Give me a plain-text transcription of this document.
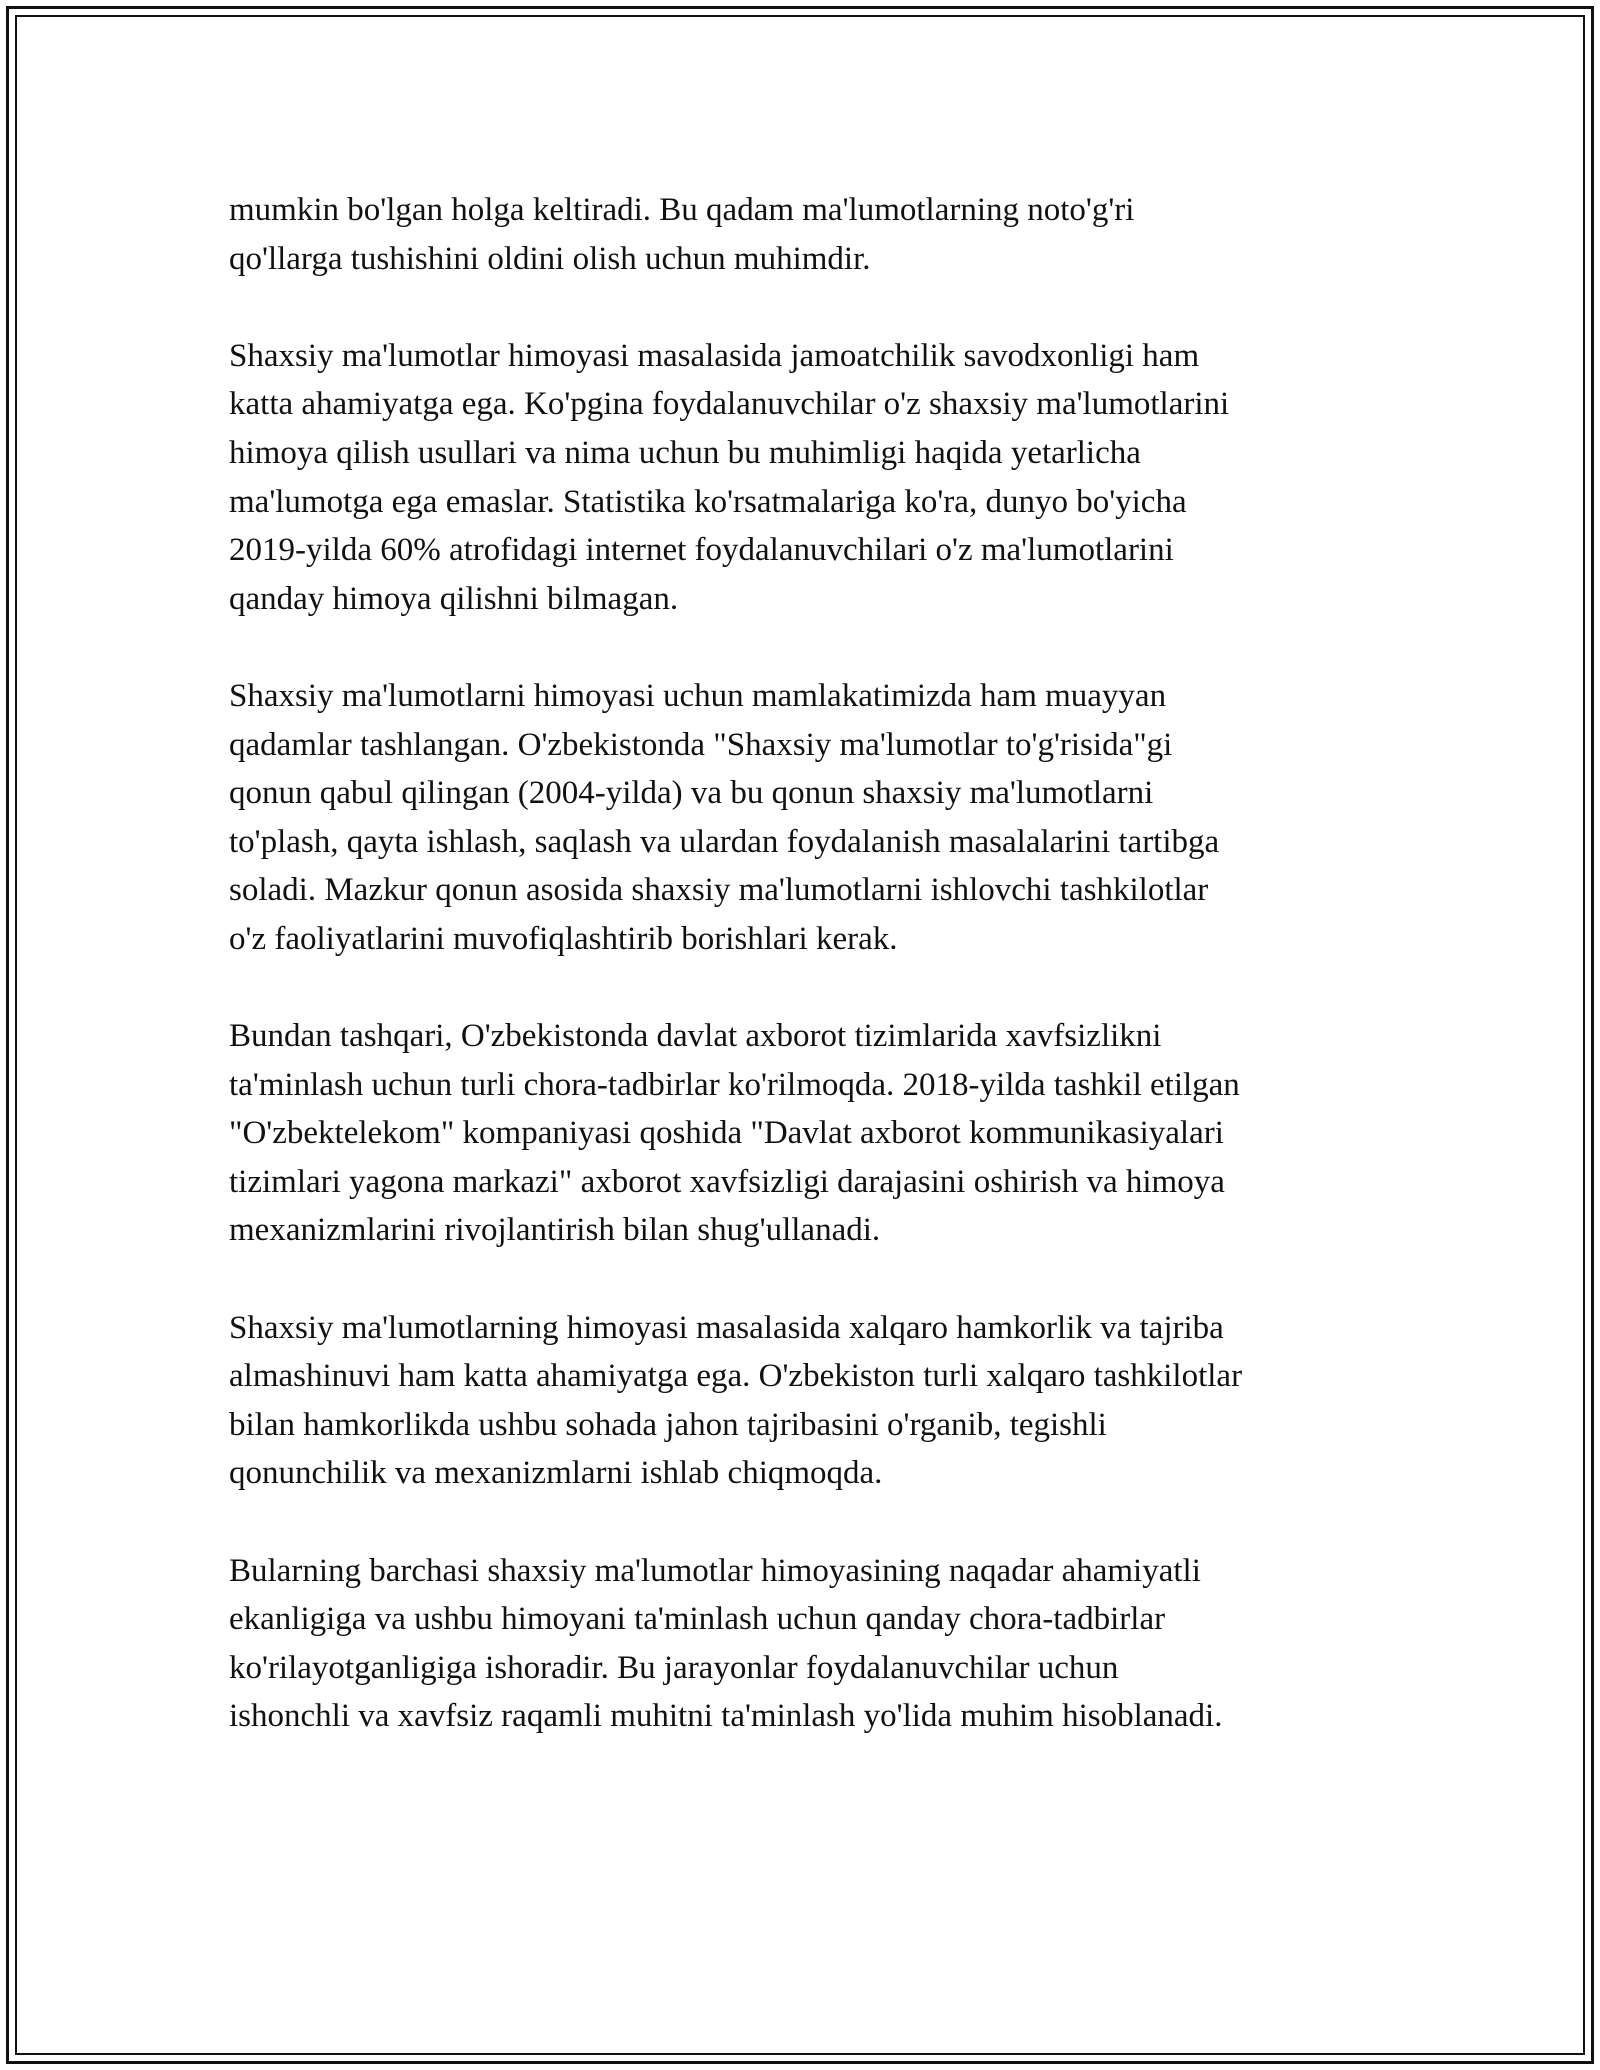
mumkin bo'lgan holga keltiradi. Bu qadam ma'lumotlarning noto'g'ri
qo'llarga tushishini oldini olish uchun muhimdir.
Shaxsiy ma'lumotlar himoyasi masalasida jamoatchilik savodxonligi ham
katta ahamiyatga ega. Ko'pgina foydalanuvchilar o'z shaxsiy ma'lumotlarini
himoya qilish usullari va nima uchun bu muhimligi haqida yetarlicha
ma'lumotga ega emaslar. Statistika ko'rsatmalariga ko'ra, dunyo bo'yicha
2019-yilda 60% atrofidagi internet foydalanuvchilari o'z ma'lumotlarini
qanday himoya qilishni bilmagan.
Shaxsiy ma'lumotlarni himoyasi uchun mamlakatimizda ham muayyan
qadamlar tashlangan. O'zbekistonda "Shaxsiy ma'lumotlar to'g'risida"gi
qonun qabul qilingan (2004-yilda) va bu qonun shaxsiy ma'lumotlarni
to'plash, qayta ishlash, saqlash va ulardan foydalanish masalalarini tartibga
soladi. Mazkur qonun asosida shaxsiy ma'lumotlarni ishlovchi tashkilotlar
o'z faoliyatlarini muvofiqlashtirib borishlari kerak.
Bundan tashqari, O'zbekistonda davlat axborot tizimlarida xavfsizlikni
ta'minlash uchun turli chora-tadbirlar ko'rilmoqda. 2018-yilda tashkil etilgan
"O'zbektelekom" kompaniyasi qoshida "Davlat axborot kommunikasiyalari
tizimlari yagona markazi" axborot xavfsizligi darajasini oshirish va himoya
mexanizmlarini rivojlantirish bilan shug'ullanadi.
Shaxsiy ma'lumotlarning himoyasi masalasida xalqaro hamkorlik va tajriba
almashinuvi ham katta ahamiyatga ega. O'zbekiston turli xalqaro tashkilotlar
bilan hamkorlikda ushbu sohada jahon tajribasini o'rganib, tegishli
qonunchilik va mexanizmlarni ishlab chiqmoqda.
Bularning barchasi shaxsiy ma'lumotlar himoyasining naqadar ahamiyatli
ekanligiga va ushbu himoyani ta'minlash uchun qanday chora-tadbirlar
ko'rilayotganligiga ishoradir. Bu jarayonlar foydalanuvchilar uchun
ishonchli va xavfsiz raqamli muhitni ta'minlash yo'lida muhim hisoblanadi.
